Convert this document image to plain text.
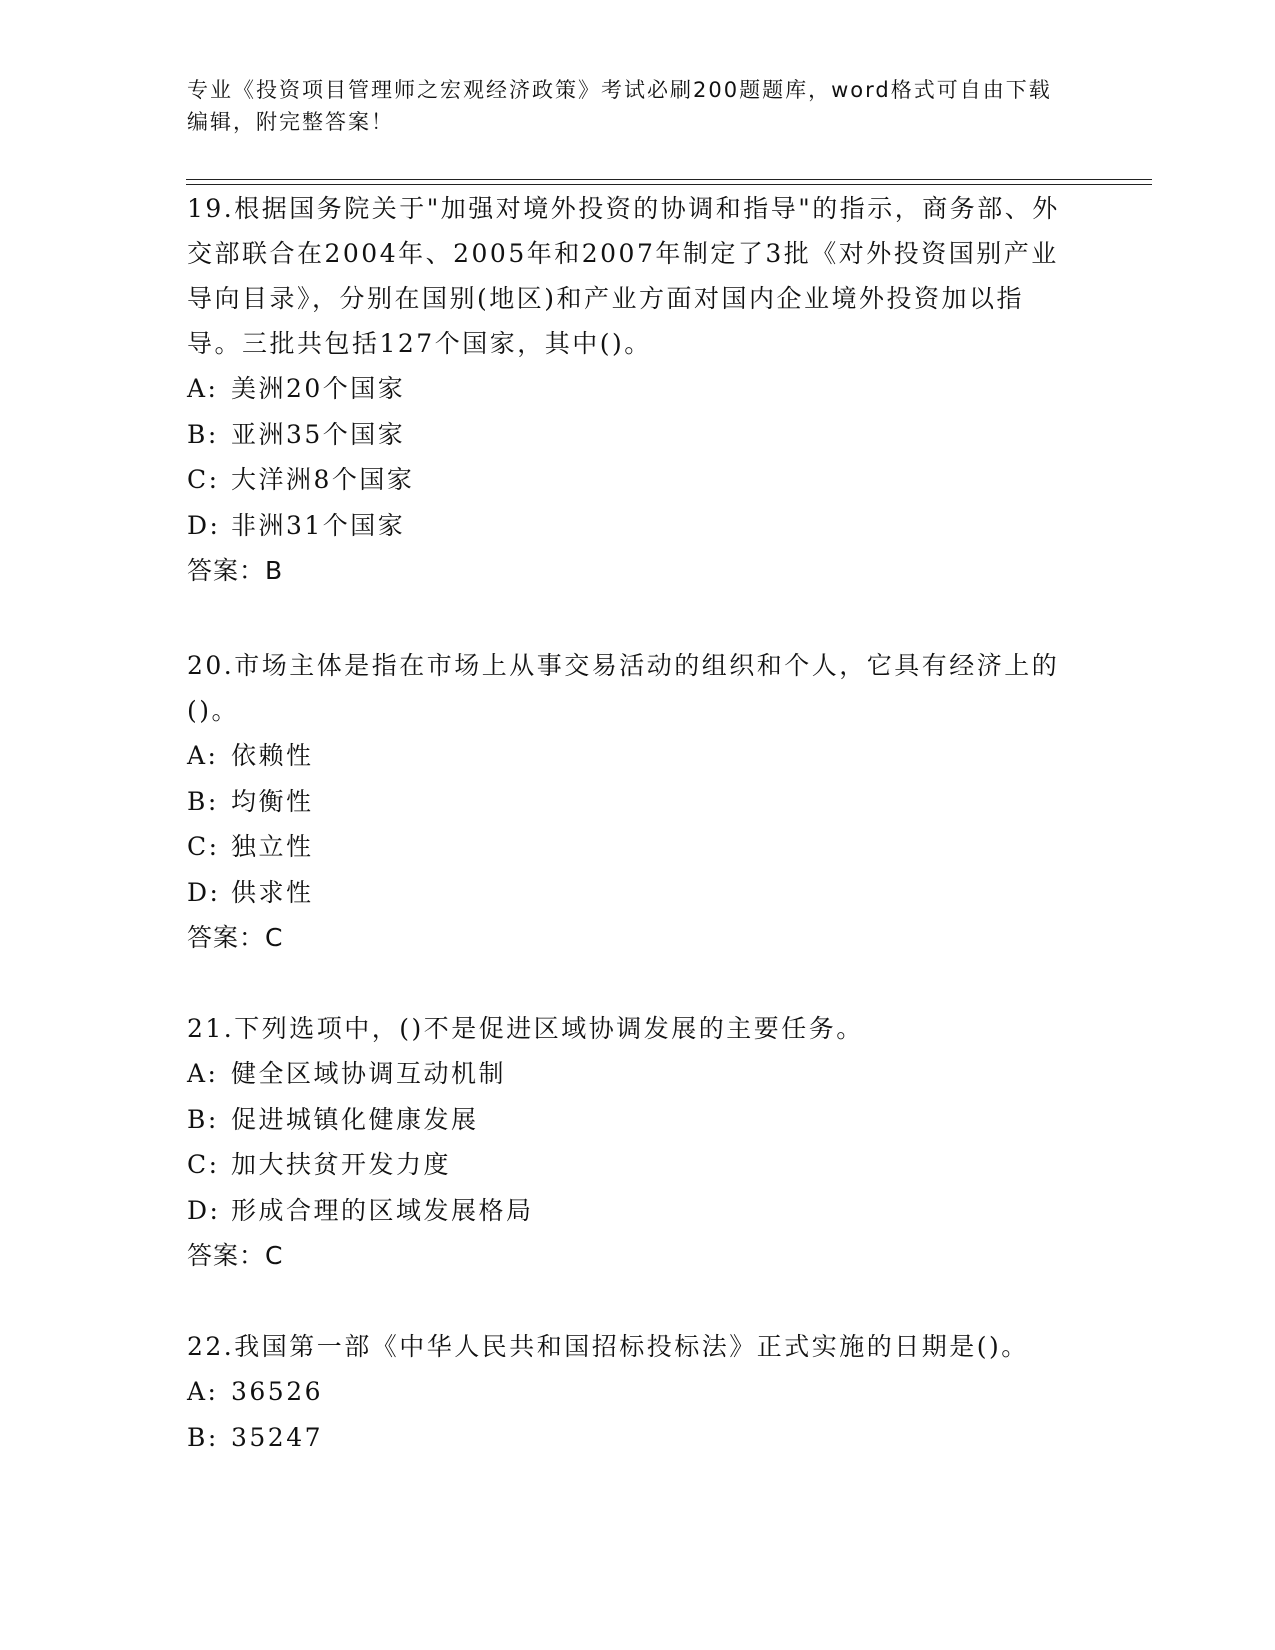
专业《投资项目管理师之宏观经济政策》考试必刷200题题库，word格式可自由下载编辑，附完整答案！

19.根据国务院关于"加强对境外投资的协调和指导"的指示，商务部、外交部联合在2004年、2005年和2007年制定了3批《对外投资国别产业导向目录》，分别在国别(地区)和产业方面对国内企业境外投资加以指导。三批共包括127个国家，其中()。

A: 美洲20个国家

B: 亚洲35个国家

C: 大洋洲8个国家

D: 非洲31个国家

答案：B

20.市场主体是指在市场上从事交易活动的组织和个人，它具有经济上的()。

A: 依赖性

B: 均衡性

C: 独立性

D: 供求性

答案：C

21.下列选项中，()不是促进区域协调发展的主要任务。

A: 健全区域协调互动机制

B: 促进城镇化健康发展

C: 加大扶贫开发力度

D: 形成合理的区域发展格局

答案：C

22.我国第一部《中华人民共和国招标投标法》正式实施的日期是()。

A: 36526

B: 35247
